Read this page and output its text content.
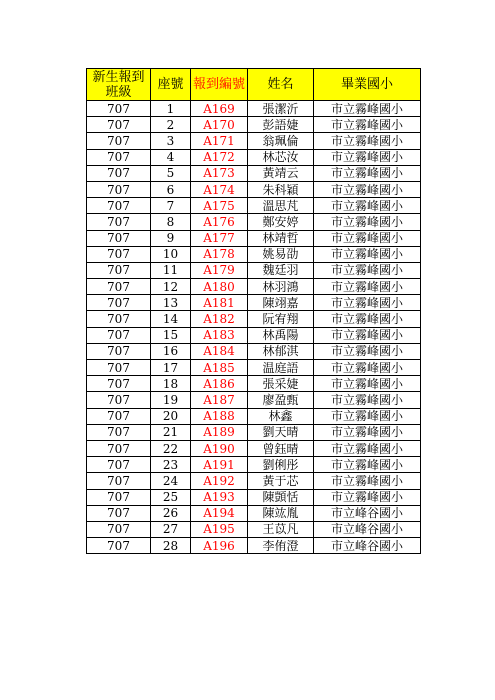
新生報到
班級	座號	報到編號	姓名	畢業國小
707	1	A169	張潔沂	市立霧峰國小
707	2	A170	彭語婕	市立霧峰國小
707	3	A171	翁珮倫	市立霧峰國小
707	4	A172	林芯汝	市立霧峰國小
707	5	A173	黃靖云	市立霧峰國小
707	6	A174	朱科穎	市立霧峰國小
707	7	A175	溫思芃	市立霧峰國小
707	8	A176	鄭安婷	市立霧峰國小
707	9	A177	林靖哲	市立霧峰國小
707	10	A178	姚易劭	市立霧峰國小
707	11	A179	魏廷羽	市立霧峰國小
707	12	A180	林羽鴻	市立霧峰國小
707	13	A181	陳翊嘉	市立霧峰國小
707	14	A182	阮宥翔	市立霧峰國小
707	15	A183	林禹陽	市立霧峰國小
707	16	A184	林郁淇	市立霧峰國小
707	17	A185	温庭語	市立霧峰國小
707	18	A186	張采婕	市立霧峰國小
707	19	A187	廖盈甄	市立霧峰國小
707	20	A188	林鑫	市立霧峰國小
707	21	A189	劉天晴	市立霧峰國小
707	22	A190	曾鈺晴	市立霧峰國小
707	23	A191	劉俐彤	市立霧峰國小
707	24	A192	黃于芯	市立霧峰國小
707	25	A193	陳顗恬	市立霧峰國小
707	26	A194	陳竑胤	市立峰谷國小
707	27	A195	王苡凡	市立峰谷國小
707	28	A196	李侑澄	市立峰谷國小
